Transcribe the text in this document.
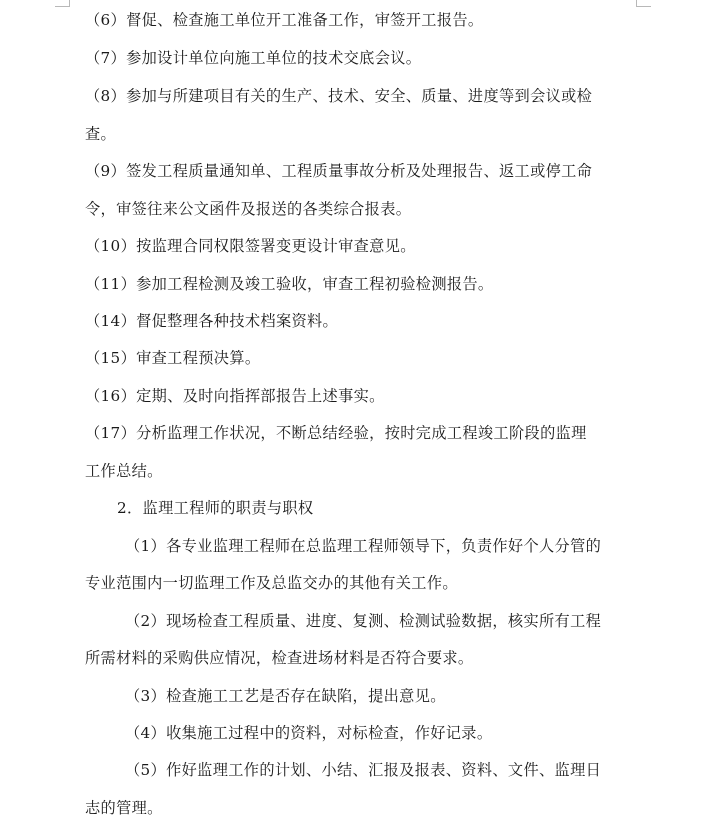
（6）督促、检查施工单位开工准备工作，审签开工报告。
（7）参加设计单位向施工单位的技术交底会议。
（8）参加与所建项目有关的生产、技术、安全、质量、进度等到会议或检
查。
（9）签发工程质量通知单、工程质量事故分析及处理报告、返工或停工命
令，审签往来公文函件及报送的各类综合报表。
（10）按监理合同权限签署变更设计审查意见。
（11）参加工程检测及竣工验收，审查工程初验检测报告。
（14）督促整理各种技术档案资料。
（15）审查工程预决算。
（16）定期、及时向指挥部报告上述事实。
（17）分析监理工作状况，不断总结经验，按时完成工程竣工阶段的监理
工作总结。
2．监理工程师的职责与职权
（1）各专业监理工程师在总监理工程师领导下，负责作好个人分管的
专业范围内一切监理工作及总监交办的其他有关工作。
（2）现场检查工程质量、进度、复测、检测试验数据，核实所有工程
所需材料的采购供应情况，检查进场材料是否符合要求。
（3）检查施工工艺是否存在缺陷，提出意见。
（4）收集施工过程中的资料，对标检查，作好记录。
（5）作好监理工作的计划、小结、汇报及报表、资料、文件、监理日
志的管理。
